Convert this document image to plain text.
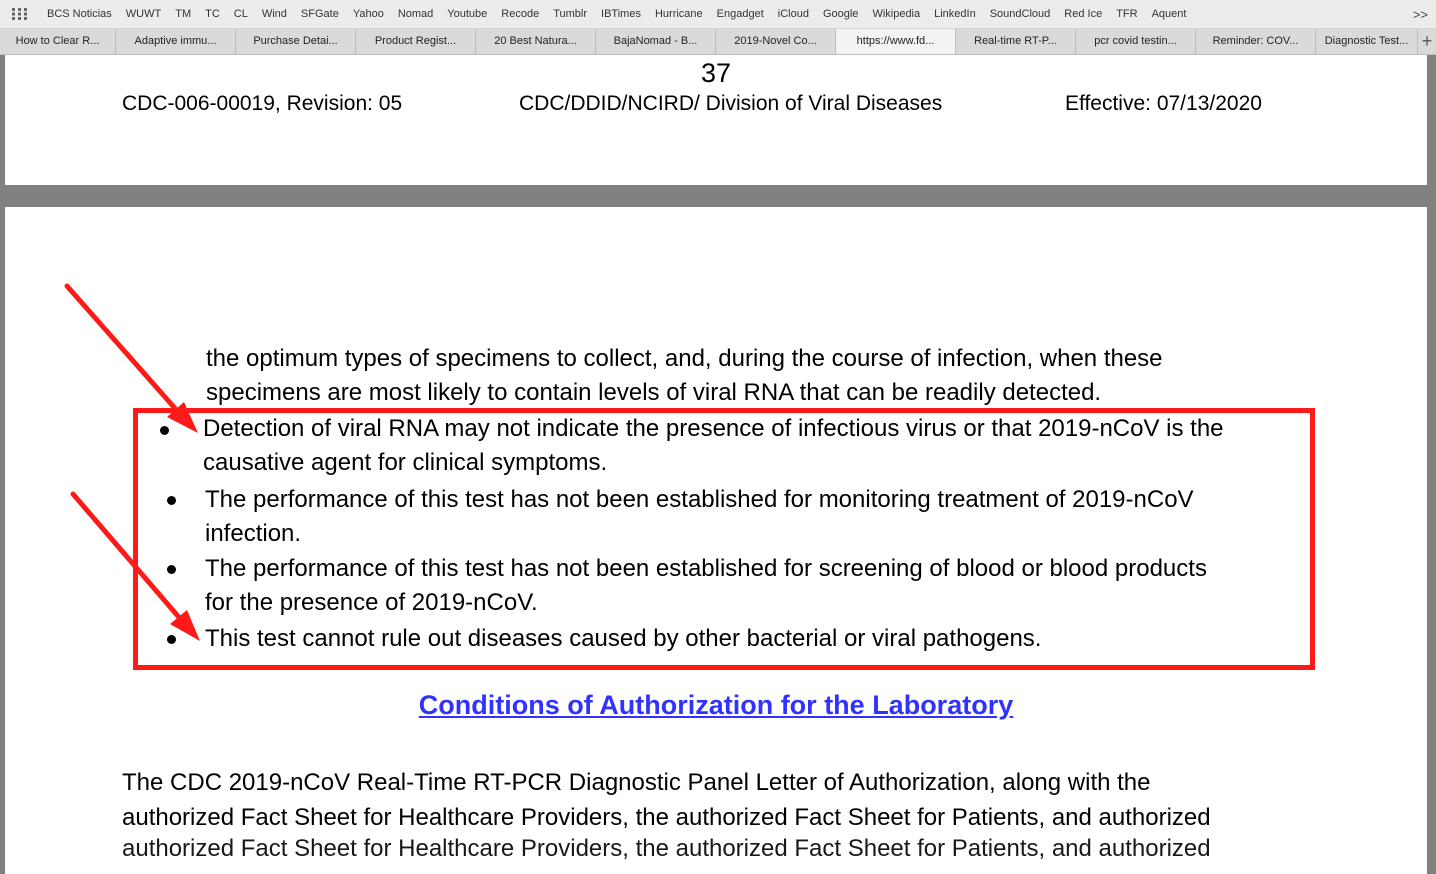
BCS Noticias	WUWT	TM	TC	CL	Wind	SFGate	Yahoo	Nomad	Youtube	Recode	Tumblr	IBTimes	Hurricane	Engadget	iCloud	Google	Wikipedia	LinkedIn	SoundCloud	Red Ice	TFR	Aquent	>>
How to Clear R...	Adaptive immu...	Purchase Detai...	Product Regist...	20 Best Natura...	BajaNomad - B...	2019-Novel Co...	https://www.fd...	Real-time RT-P...	pcr covid testin...	Reminder: COV...	Diagnostic Test... +
37
CDC-006-00019, Revision: 05	CDC/DDID/NCIRD/ Division of Viral Diseases	Effective: 07/13/2020
the optimum types of specimens to collect, and, during the course of infection, when these
specimens are most likely to contain levels of viral RNA that can be readily detected.
Detection of viral RNA may not indicate the presence of infectious virus or that 2019-nCoV is the
causative agent for clinical symptoms.
The performance of this test has not been established for monitoring treatment of 2019-nCoV
infection.
The performance of this test has not been established for screening of blood or blood products
for the presence of 2019-nCoV.
This test cannot rule out diseases caused by other bacterial or viral pathogens.
Conditions of Authorization for the Laboratory
The CDC 2019-nCoV Real-Time RT-PCR Diagnostic Panel Letter of Authorization, along with the
authorized Fact Sheet for Healthcare Providers, the authorized Fact Sheet for Patients, and authorized
authorized Fact Sheet for Healthcare Providers, the authorized Fact Sheet for Patients, and authorized
